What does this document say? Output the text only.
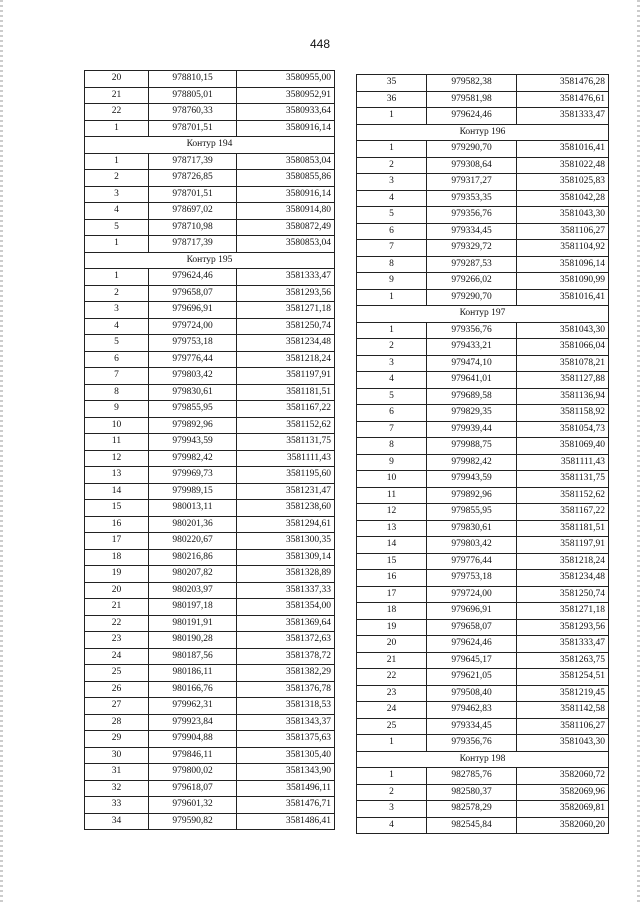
448
20	978810,15	3580955,00
21	978805,01	3580952,91
22	978760,33	3580933,64
1	978701,51	3580916,14
Контур 194		
1	978717,39	3580853,04
2	978726,85	3580855,86
3	978701,51	3580916,14
4	978697,02	3580914,80
5	978710,98	3580872,49
1	978717,39	3580853,04
Контур 195		
1	979624,46	3581333,47
2	979658,07	3581293,56
3	979696,91	3581271,18
4	979724,00	3581250,74
5	979753,18	3581234,48
6	979776,44	3581218,24
7	979803,42	3581197,91
8	979830,61	3581181,51
9	979855,95	3581167,22
10	979892,96	3581152,62
11	979943,59	3581131,75
12	979982,42	3581111,43
13	979969,73	3581195,60
14	979989,15	3581231,47
15	980013,11	3581238,60
16	980201,36	3581294,61
17	980220,67	3581300,35
18	980216,86	3581309,14
19	980207,82	3581328,89
20	980203,97	3581337,33
21	980197,18	3581354,00
22	980191,91	3581369,64
23	980190,28	3581372,63
24	980187,56	3581378,72
25	980186,11	3581382,29
26	980166,76	3581376,78
27	979962,31	3581318,53
28	979923,84	3581343,37
29	979904,88	3581375,63
30	979846,11	3581305,40
31	979800,02	3581343,90
32	979618,07	3581496,11
33	979601,32	3581476,71
34	979590,82	3581486,41
35	979582,38	3581476,28
36	979581,98	3581476,61
1	979624,46	3581333,47
Контур 196		
1	979290,70	3581016,41
2	979308,64	3581022,48
3	979317,27	3581025,83
4	979353,35	3581042,28
5	979356,76	3581043,30
6	979334,45	3581106,27
7	979329,72	3581104,92
8	979287,53	3581096,14
9	979266,02	3581090,99
1	979290,70	3581016,41
Контур 197		
1	979356,76	3581043,30
2	979433,21	3581066,04
3	979474,10	3581078,21
4	979641,01	3581127,88
5	979689,58	3581136,94
6	979829,35	3581158,92
7	979939,44	3581054,73
8	979988,75	3581069,40
9	979982,42	3581111,43
10	979943,59	3581131,75
11	979892,96	3581152,62
12	979855,95	3581167,22
13	979830,61	3581181,51
14	979803,42	3581197,91
15	979776,44	3581218,24
16	979753,18	3581234,48
17	979724,00	3581250,74
18	979696,91	3581271,18
19	979658,07	3581293,56
20	979624,46	3581333,47
21	979645,17	3581263,75
22	979621,05	3581254,51
23	979508,40	3581219,45
24	979462,83	3581142,58
25	979334,45	3581106,27
1	979356,76	3581043,30
Контур 198		
1	982785,76	3582060,72
2	982580,37	3582069,96
3	982578,29	3582069,81
4	982545,84	3582060,20
